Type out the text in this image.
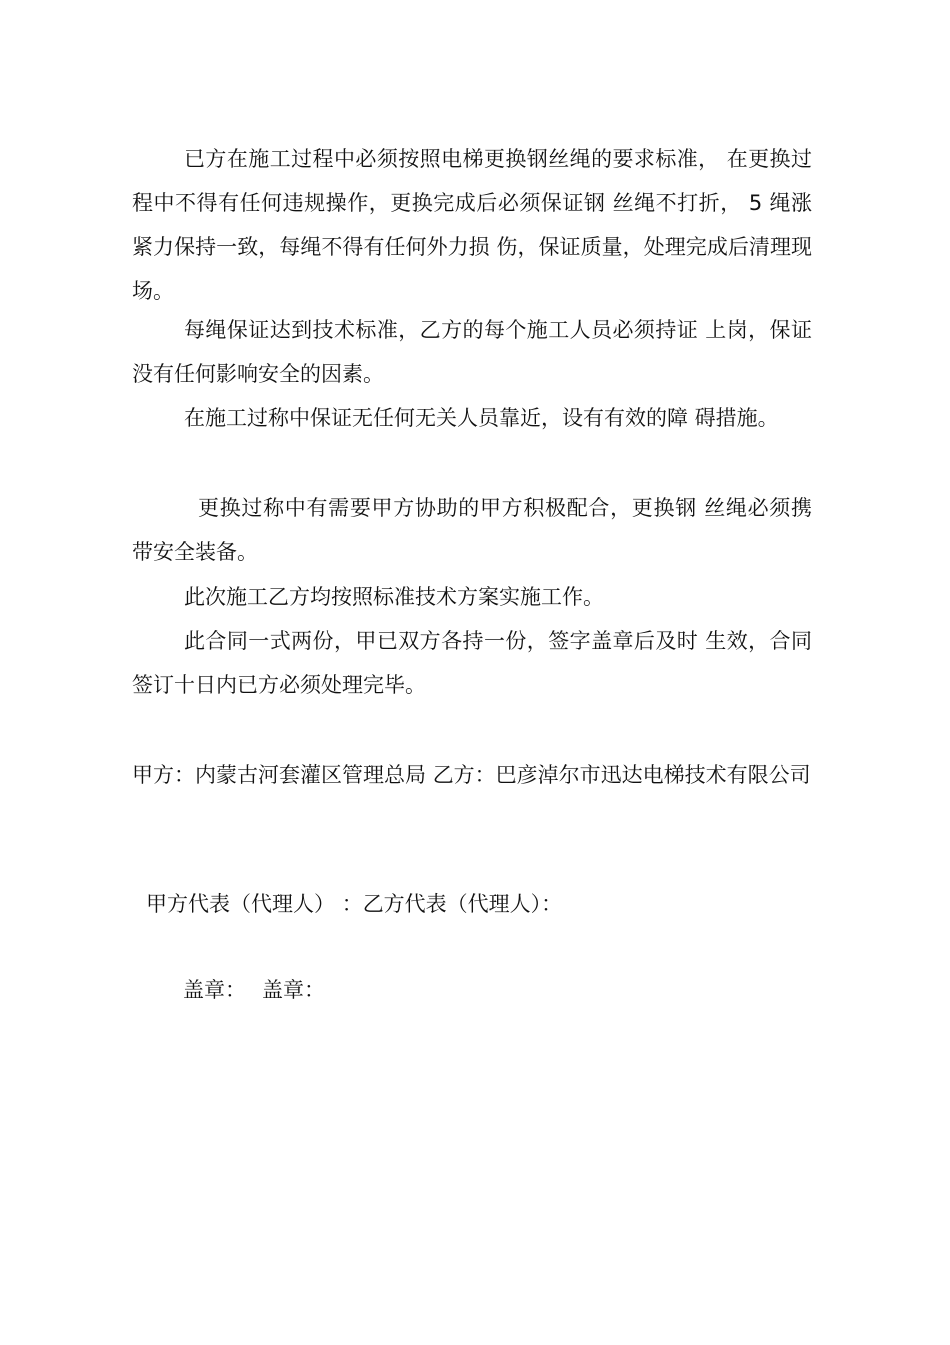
已方在施工过程中必须按照电梯更换钢丝绳的要求标准， 在更换过程中不得有任何违规操作，更换完成后必须保证钢 丝绳不打折， 5 绳涨紧力保持一致，每绳不得有任何外力损 伤，保证质量，处理完成后清理现场。

每绳保证达到技术标准，乙方的每个施工人员必须持证 上岗，保证没有任何影响安全的因素。

在施工过称中保证无任何无关人员靠近，设有有效的障 碍措施。

更换过称中有需要甲方协助的甲方积极配合，更换钢 丝绳必须携带安全装备。

此次施工乙方均按照标准技术方案实施工作。

此合同一式两份，甲已双方各持一份，签字盖章后及时 生效，合同签订十日内已方必须处理完毕。

甲方：内蒙古河套灌区管理总局 乙方：巴彦淖尔市迅达电梯技术有限公司

甲方代表（代理人） ：乙方代表（代理人）：

盖章： 盖章：
